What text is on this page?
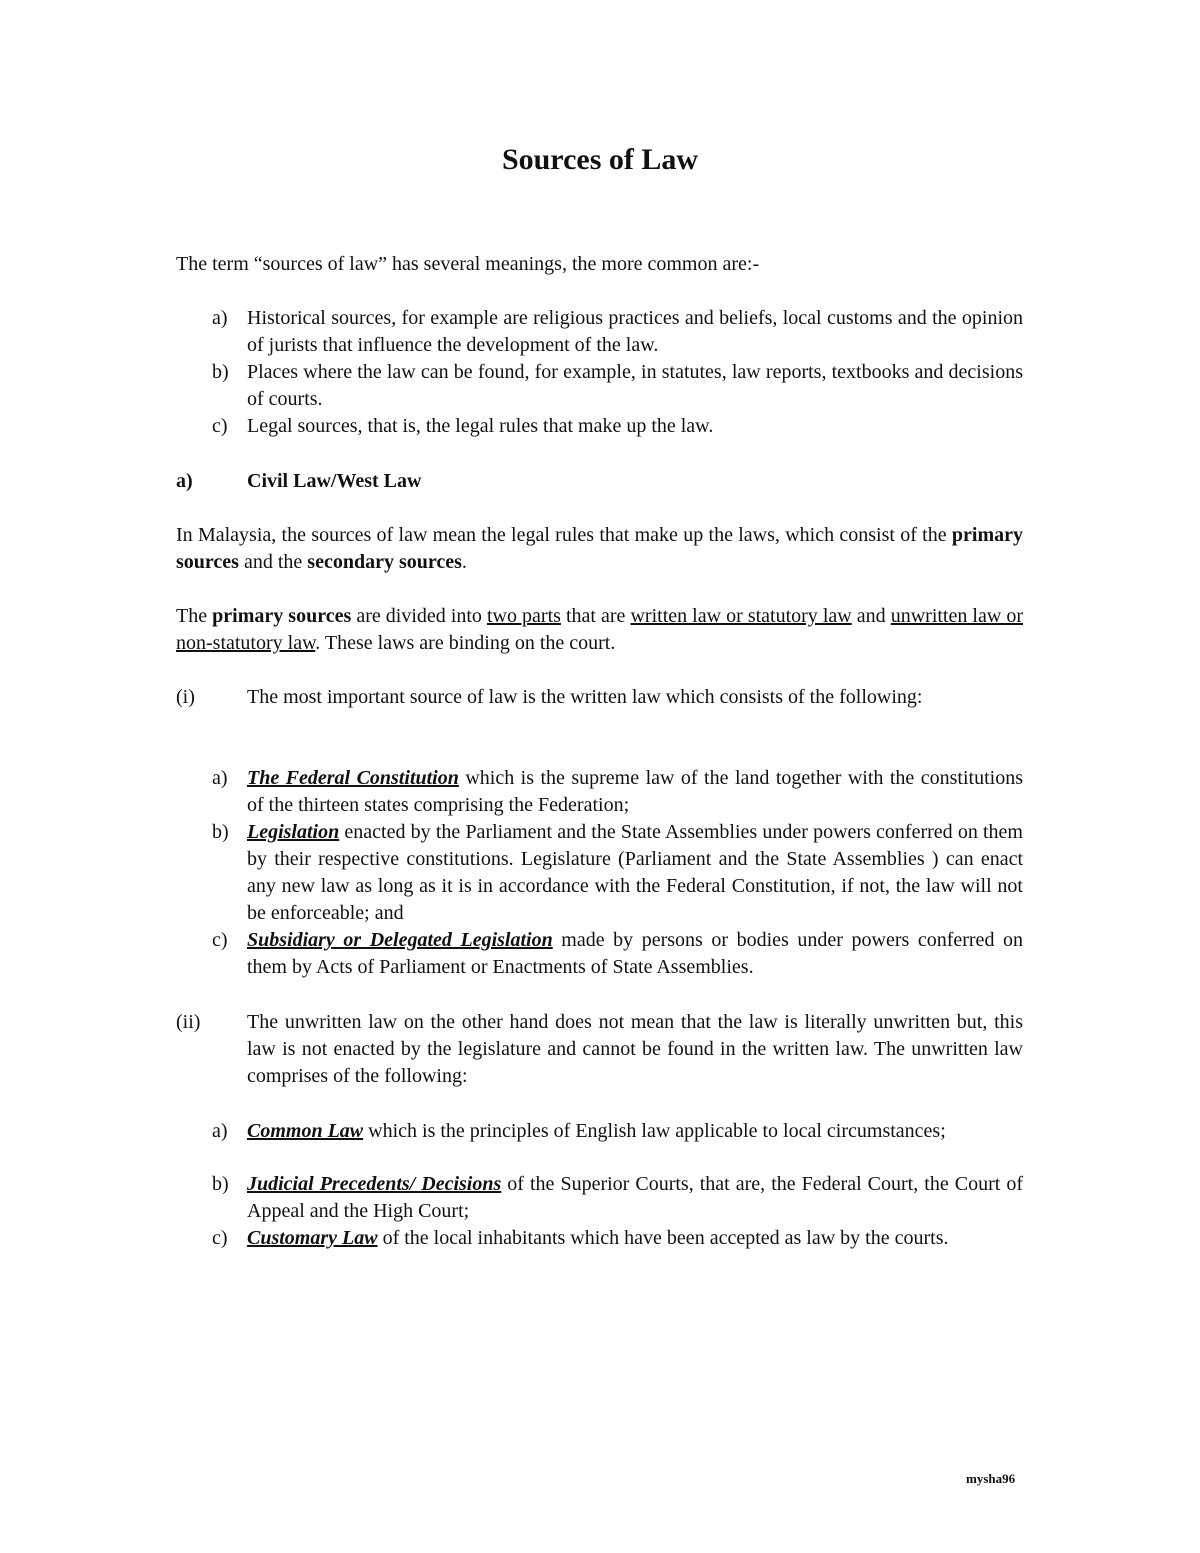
Sources of Law
The term “sources of law” has several meanings, the more common are:-
a) Historical sources, for example are religious practices and beliefs, local customs and the opinion of jurists that influence the development of the law.
b) Places where the law can be found, for example, in statutes, law reports, textbooks and decisions of courts.
c) Legal sources, that is, the legal rules that make up the law.
a)	Civil Law/West Law
In Malaysia, the sources of law mean the legal rules that make up the laws, which consist of the primary sources and the secondary sources.
The primary sources are divided into two parts that are written law or statutory law and unwritten law or non-statutory law. These laws are binding on the court.
(i)	The most important source of law is the written law which consists of the following:
a) The Federal Constitution which is the supreme law of the land together with the constitutions of the thirteen states comprising the Federation;
b) Legislation enacted by the Parliament and the State Assemblies under powers conferred on them by their respective constitutions. Legislature (Parliament and the State Assemblies ) can enact any new law as long as it is in accordance with the Federal Constitution, if not, the law will not be enforceable; and
c) Subsidiary or Delegated Legislation made by persons or bodies under powers conferred on them by Acts of Parliament or Enactments of State Assemblies.
(ii) The unwritten law on the other hand does not mean that the law is literally unwritten but, this law is not enacted by the legislature and cannot be found in the written law. The unwritten law comprises of the following:
a) Common Law which is the principles of English law applicable to local circumstances;
b) Judicial Precedents/ Decisions of the Superior Courts, that are, the Federal Court, the Court of Appeal and the High Court;
c) Customary Law of the local inhabitants which have been accepted as law by the courts.
mysha96
